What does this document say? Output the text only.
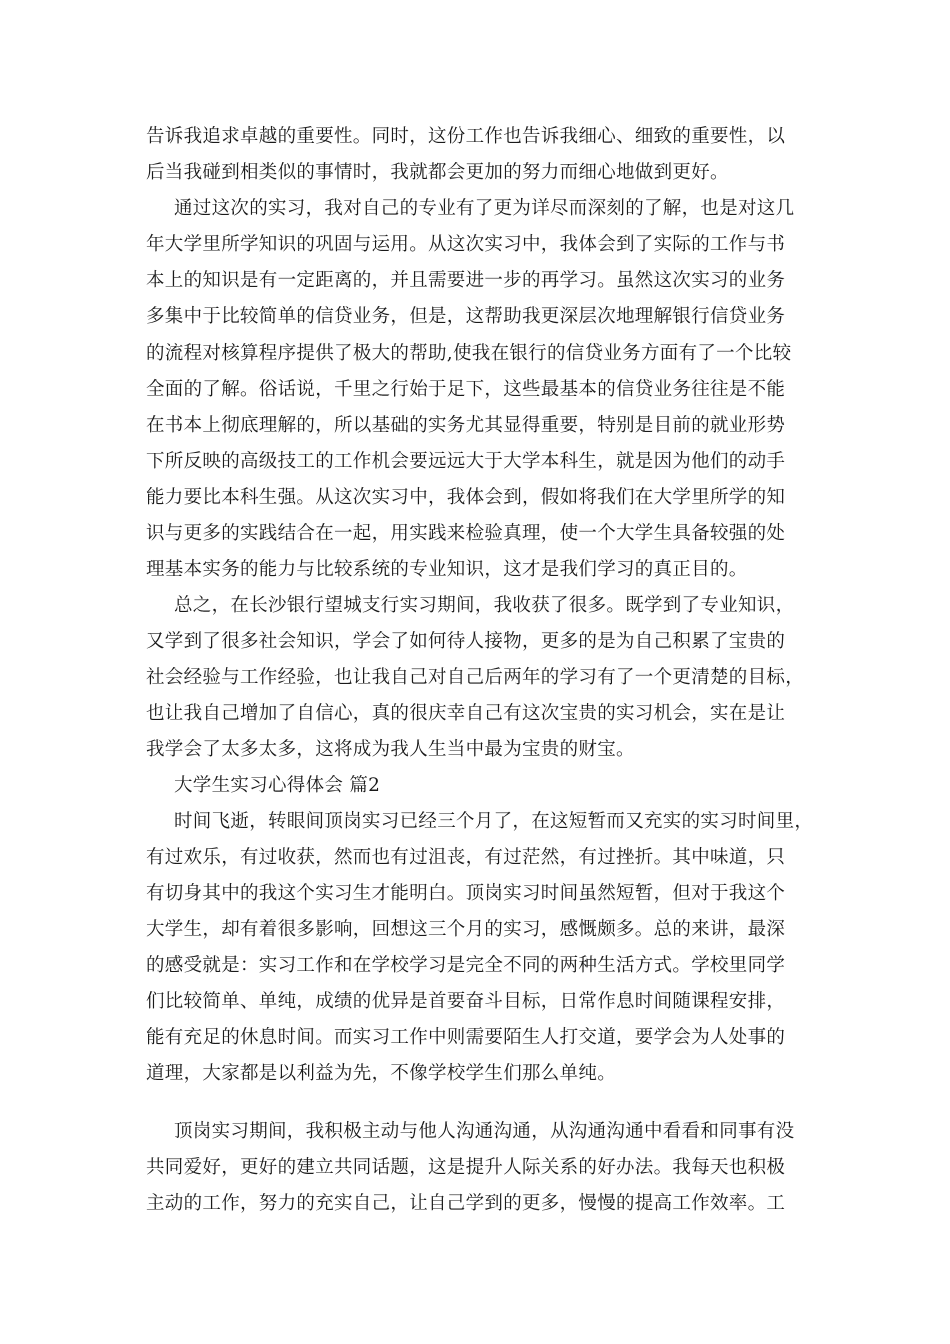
告诉我追求卓越的重要性。同时，这份工作也告诉我细心、细致的重要性，以

后当我碰到相类似的事情时，我就都会更加的努力而细心地做到更好。

通过这次的实习，我对自己的专业有了更为详尽而深刻的了解，也是对这几

年大学里所学知识的巩固与运用。从这次实习中，我体会到了实际的工作与书

本上的知识是有一定距离的，并且需要进一步的再学习。虽然这次实习的业务

多集中于比较简单的信贷业务，但是，这帮助我更深层次地理解银行信贷业务

的流程对核算程序提供了极大的帮助,使我在银行的信贷业务方面有了一个比较

全面的了解。俗话说，千里之行始于足下，这些最基本的信贷业务往往是不能

在书本上彻底理解的，所以基础的实务尤其显得重要，特别是目前的就业形势

下所反映的高级技工的工作机会要远远大于大学本科生，就是因为他们的动手

能力要比本科生强。从这次实习中，我体会到，假如将我们在大学里所学的知

识与更多的实践结合在一起，用实践来检验真理，使一个大学生具备较强的处

理基本实务的能力与比较系统的专业知识，这才是我们学习的真正目的。

总之，在长沙银行望城支行实习期间，我收获了很多。既学到了专业知识，

又学到了很多社会知识，学会了如何待人接物，更多的是为自己积累了宝贵的

社会经验与工作经验，也让我自己对自己后两年的学习有了一个更清楚的目标，

也让我自己增加了自信心，真的很庆幸自己有这次宝贵的实习机会，实在是让

我学会了太多太多，这将成为我人生当中最为宝贵的财宝。

大学生实习心得体会 篇2

时间飞逝，转眼间顶岗实习已经三个月了，在这短暂而又充实的实习时间里，

有过欢乐，有过收获，然而也有过沮丧，有过茫然，有过挫折。其中味道，只

有切身其中的我这个实习生才能明白。顶岗实习时间虽然短暂，但对于我这个

大学生，却有着很多影响，回想这三个月的实习，感慨颇多。总的来讲，最深

的感受就是：实习工作和在学校学习是完全不同的两种生活方式。学校里同学

们比较简单、单纯，成绩的优异是首要奋斗目标，日常作息时间随课程安排，

能有充足的休息时间。而实习工作中则需要陌生人打交道，要学会为人处事的

道理，大家都是以利益为先，不像学校学生们那么单纯。

顶岗实习期间，我积极主动与他人沟通沟通，从沟通沟通中看看和同事有没

共同爱好，更好的建立共同话题，这是提升人际关系的好办法。我每天也积极

主动的工作，努力的充实自己，让自己学到的更多，慢慢的提高工作效率。工
